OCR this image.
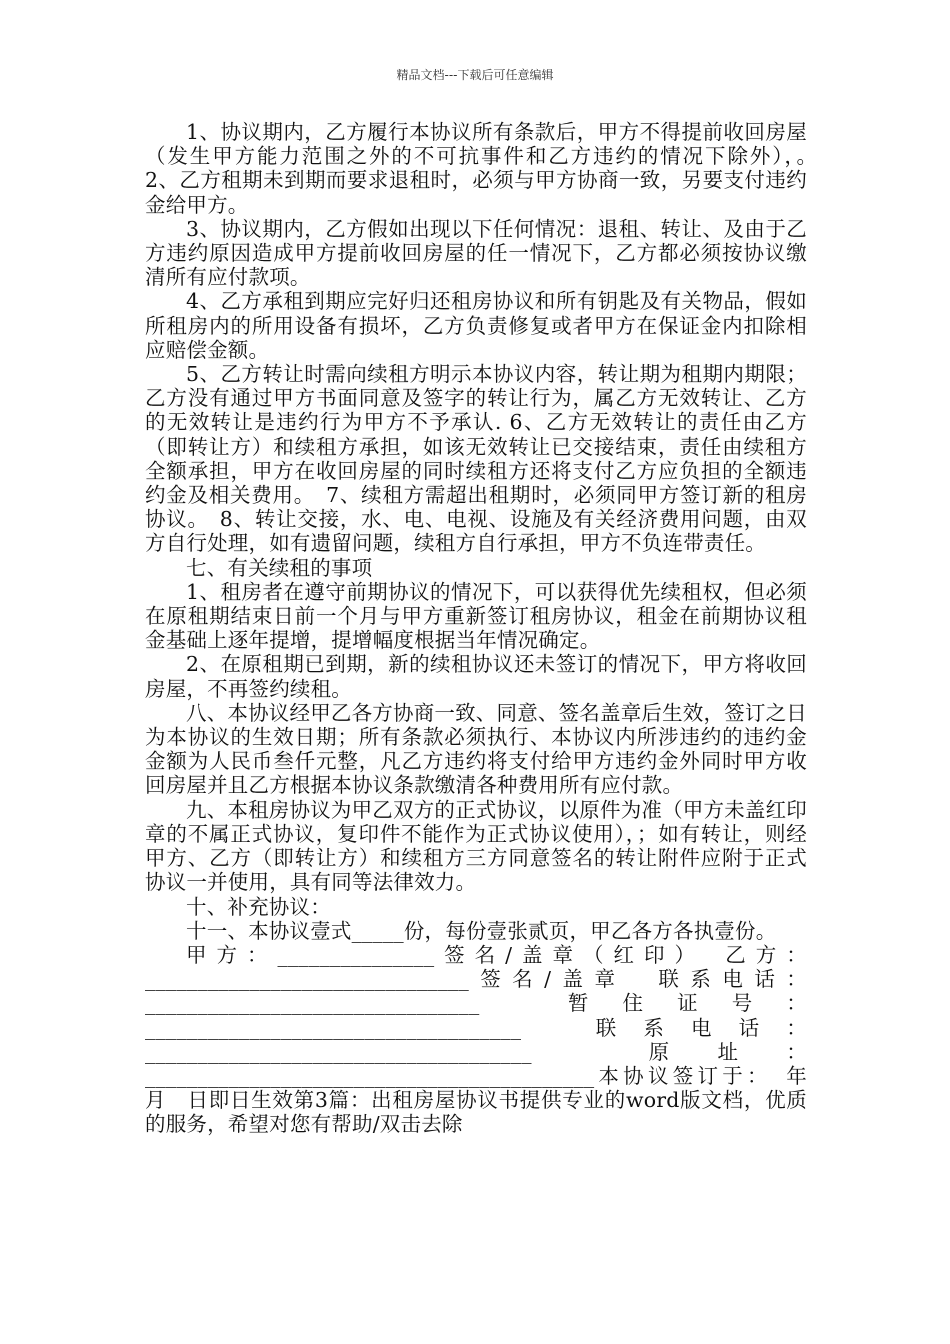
精品文档---下载后可任意编辑

1、协议期内，乙方履行本协议所有条款后，甲方不得提前收回房屋（发生甲方能力范围之外的不可抗事件和乙方违约的情况下除外），。　2、乙方租期未到期而要求退租时，必须与甲方协商一致，另要支付违约金给甲方。

3、协议期内，乙方假如出现以下任何情况：退租、转让、及由于乙方违约原因造成甲方提前收回房屋的任一情况下，乙方都必须按协议缴清所有应付款项。

4、乙方承租到期应完好归还租房协议和所有钥匙及有关物品，假如所租房内的所用设备有损坏，乙方负责修复或者甲方在保证金内扣除相应赔偿金额。

5、乙方转让时需向续租方明示本协议内容，转让期为租期内期限；乙方没有通过甲方书面同意及签字的转让行为，属乙方无效转让、乙方的无效转让是违约行为甲方不予承认. 6、乙方无效转让的责任由乙方（即转让方）和续租方承担，如该无效转让已交接结束，责任由续租方全额承担，甲方在收回房屋的同时续租方还将支付乙方应负担的全额违约金及相关费用。　7、续租方需超出租期时，必须同甲方签订新的租房协议。　8、转让交接，水、电、电视、设施及有关经济费用问题，由双方自行处理，如有遗留问题，续租方自行承担，甲方不负连带责任。

七、有关续租的事项

1、租房者在遵守前期协议的情况下，可以获得优先续租权，但必须在原租期结束日前一个月与甲方重新签订租房协议，租金在前期协议租金基础上逐年提增，提增幅度根据当年情况确定。

2、在原租期已到期，新的续租协议还未签订的情况下，甲方将收回房屋，不再签约续租。

八、本协议经甲乙各方协商一致、同意、签名盖章后生效，签订之日为本协议的生效日期；所有条款必须执行、本协议内所涉违约的违约金金额为人民币叁仟元整，凡乙方违约将支付给甲方违约金外同时甲方收回房屋并且乙方根据本协议条款缴清各种费用所有应付款。

九、本租房协议为甲乙双方的正式协议，以原件为准（甲方未盖红印章的不属正式协议，复印件不能作为正式协议使用），；如有转让，则经甲方、乙方（即转让方）和续租方三方同意签名的转让附件应附于正式协议一并使用，具有同等法律效力。

十、补充协议：

十一、本协议壹式_____份，每份壹张贰页，甲乙各方各执壹份。

甲方：_______________签名/盖章（红印）　乙方：_______________________________签名/盖章　联系电话：________________________________　暂住证号：____________________________________　联系电话：_____________________________________　原址：___________________________________________本协议签订于：　年　月　日即日生效第3篇：出租房屋协议书提供专业的word版文档，优质的服务，希望对您有帮助/双击去除
